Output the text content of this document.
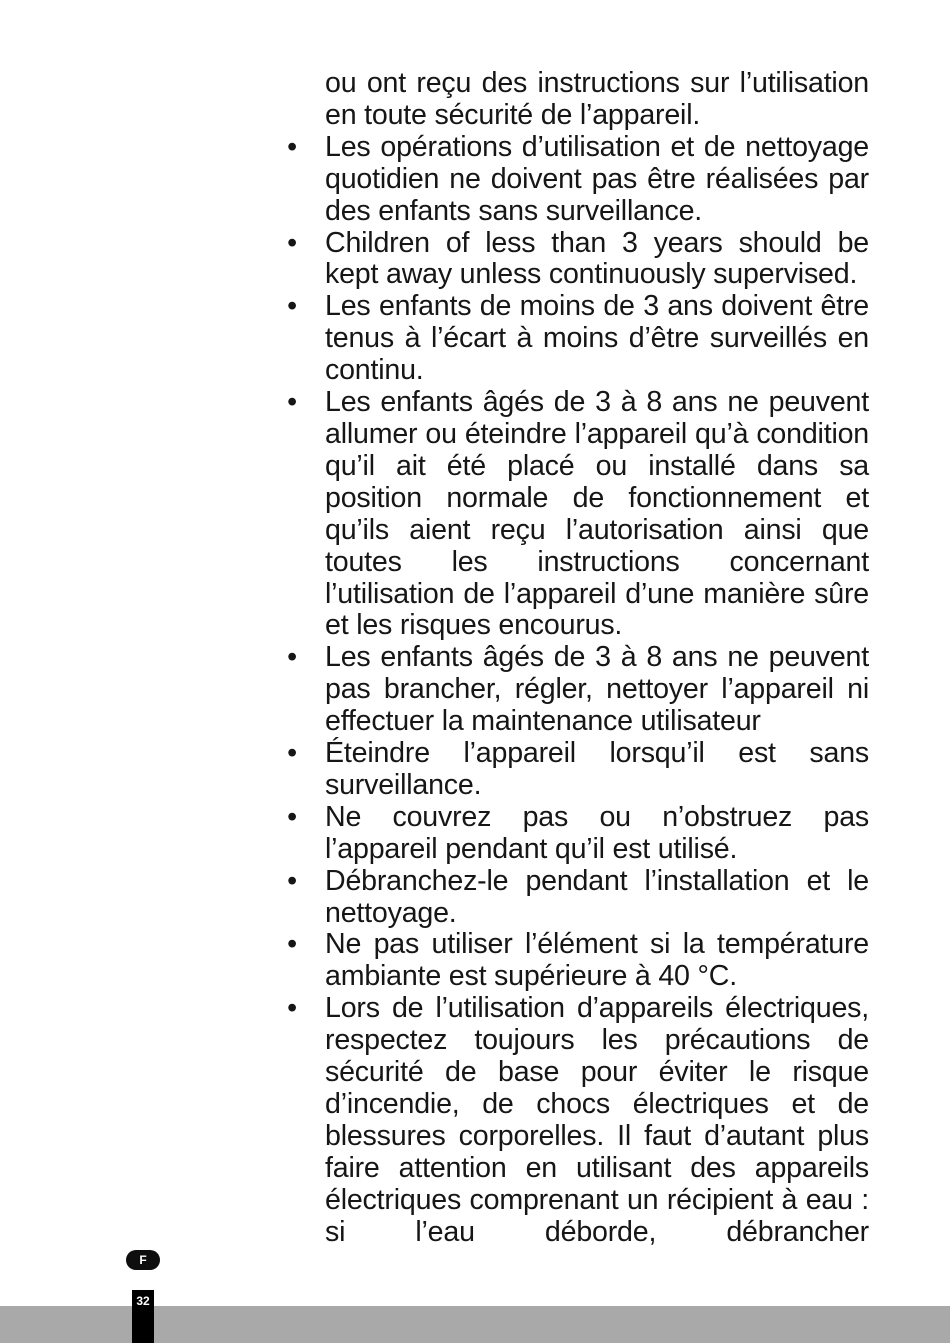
ou ont reçu des instructions sur l’utilisation en toute sécurité de l’appareil.

• Les opérations d’utilisation et de nettoyage quotidien ne doivent pas être réalisées par des enfants sans surveillance.
• Children of less than 3 years should be kept away unless continuously supervised.
• Les enfants de moins de 3 ans doivent être tenus à l’écart à moins d’être surveillés en continu.
• Les enfants âgés de 3 à 8 ans ne peuvent allumer ou éteindre l’appareil qu’à condition qu’il ait été placé ou installé dans sa position normale de fonctionnement et qu’ils aient reçu l’autorisation ainsi que toutes les instructions concernant l’utilisation de l’appareil d’une manière sûre et les risques encourus.
• Les enfants âgés de 3 à 8 ans ne peuvent pas brancher, régler, nettoyer l’appareil ni effectuer la maintenance utilisateur
• Éteindre l’appareil lorsqu’il est sans surveillance.
• Ne couvrez pas ou n’obstruez pas l’appareil pendant qu’il est utilisé.
• Débranchez-le pendant l’installation et le nettoyage.
• Ne pas utiliser l’élément si la température ambiante est supérieure à 40 °C.
• Lors de l’utilisation d’appareils électriques, respectez toujours les précautions de sécurité de base pour éviter le risque d’incendie, de chocs électriques et de blessures corporelles. Il faut d’autant plus faire attention en utilisant des appareils électriques comprenant un récipient à eau : si l’eau déborde, débrancher
F
32
